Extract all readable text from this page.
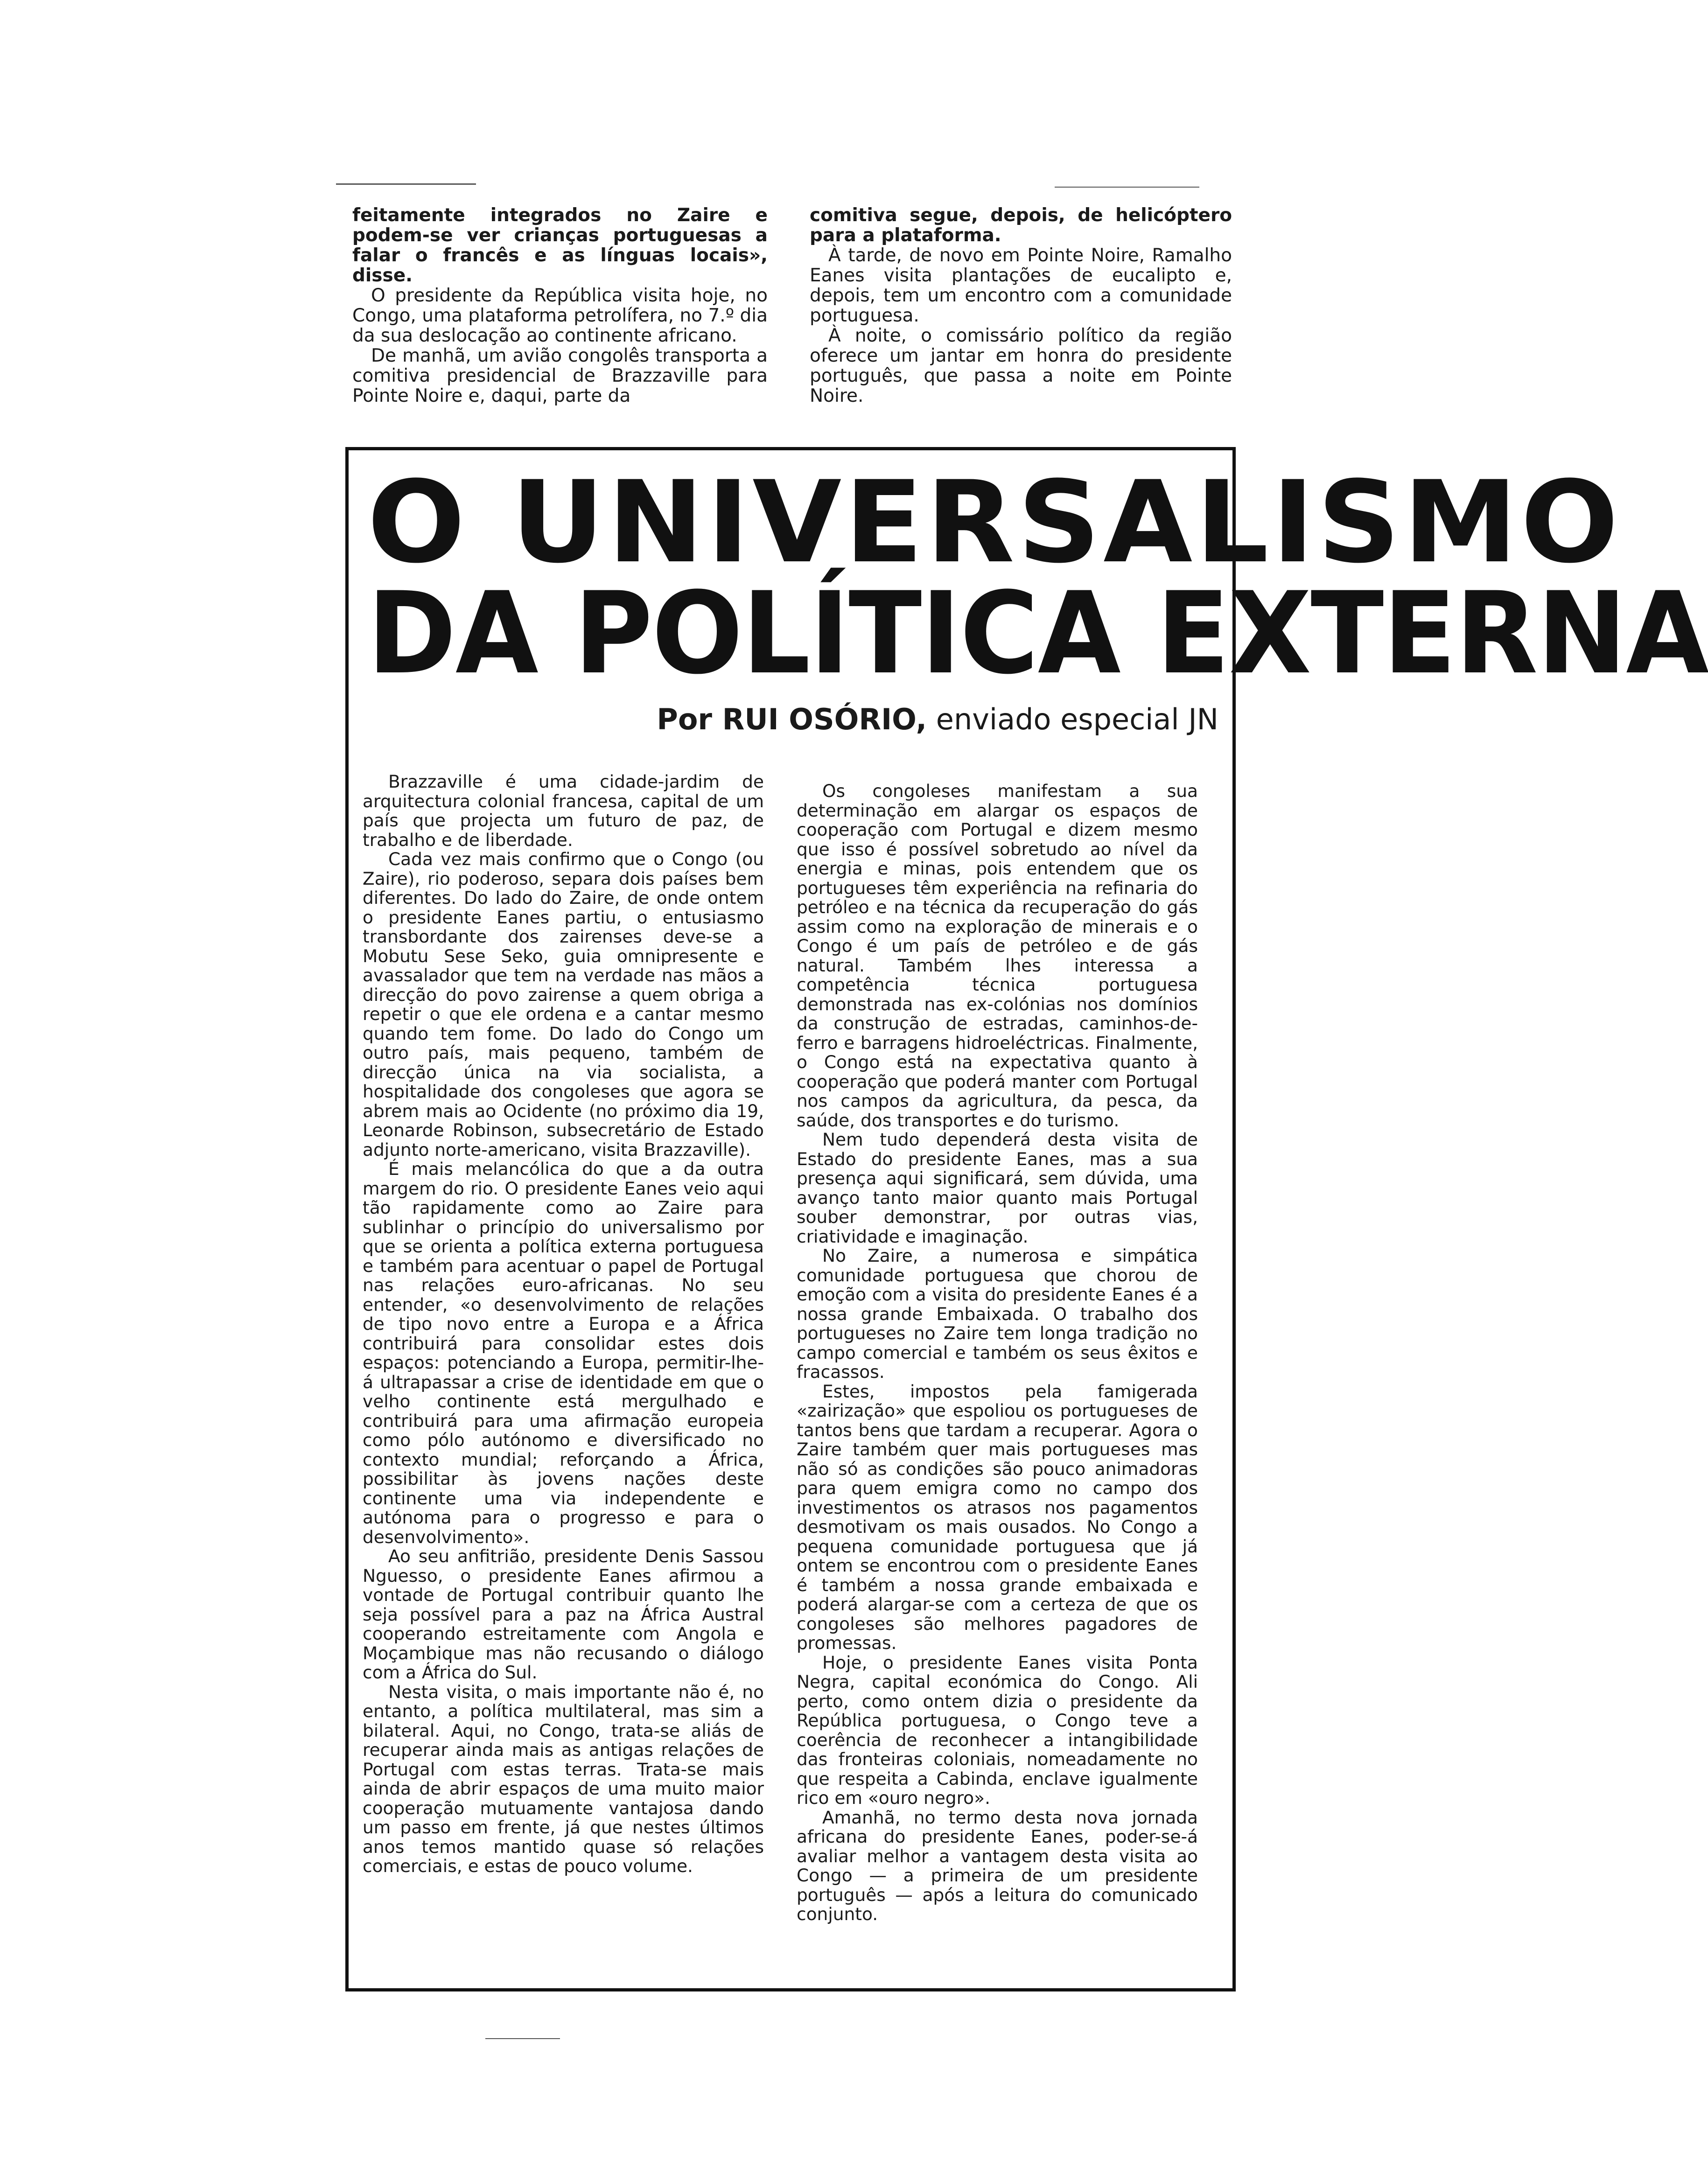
feitamente integrados no Zaire e podem-se ver crianças portuguesas a falar o francês e as línguas locais», disse.

O presidente da República visita hoje, no Congo, uma plataforma petrolífera, no 7.º dia da sua deslocação ao continente africano.

De manhã, um avião congolês transporta a comitiva presidencial de Brazzaville para Pointe Noire e, daqui, parte da

comitiva segue, depois, de helicóptero para a plataforma.

À tarde, de novo em Pointe Noire, Ramalho Eanes visita plantações de eucalipto e, depois, tem um encontro com a comunidade portuguesa.

À noite, o comissário político da região oferece um jantar em honra do presidente português, que passa a noite em Pointe Noire.

O UNIVERSALISMO
DA POLÍTICA EXTERNA
Por RUI OSÓRIO, enviado especial JN

Brazzaville é uma cidade-jardim de arquitectura colonial francesa, capital de um país que projecta um futuro de paz, de trabalho e de liberdade.

Cada vez mais confirmo que o Congo (ou Zaire), rio poderoso, separa dois países bem diferentes. Do lado do Zaire, de onde ontem o presidente Eanes partiu, o entusiasmo transbordante dos zairenses deve-se a Mobutu Sese Seko, guia omnipresente e avassalador que tem na verdade nas mãos a direcção do povo zairense a quem obriga a repetir o que ele ordena e a cantar mesmo quando tem fome. Do lado do Congo um outro país, mais pequeno, também de direcção única na via socialista, a hospitalidade dos congoleses que agora se abrem mais ao Ocidente (no próximo dia 19, Leonarde Robinson, subsecretário de Estado adjunto norte-americano, visita Brazzaville).

É mais melancólica do que a da outra margem do rio. O presidente Eanes veio aqui tão rapidamente como ao Zaire para sublinhar o princípio do universalismo por que se orienta a política externa portuguesa e também para acentuar o papel de Portugal nas relações euro-africanas. No seu entender, «o desenvolvimento de relações de tipo novo entre a Europa e a África contribuirá para consolidar estes dois espaços: potenciando a Europa, permitir-lhe-á ultrapassar a crise de identidade em que o velho continente está mergulhado e contribuirá para uma afirmação europeia como pólo autónomo e diversificado no contexto mundial; reforçando a África, possibilitar às jovens nações deste continente uma via independente e autónoma para o progresso e para o desenvolvimento».

Ao seu anfitrião, presidente Denis Sassou Nguesso, o presidente Eanes afirmou a vontade de Portugal contribuir quanto lhe seja possível para a paz na África Austral cooperando estreitamente com Angola e Moçambique mas não recusando o diálogo com a África do Sul.

Nesta visita, o mais importante não é, no entanto, a política multilateral, mas sim a bilateral. Aqui, no Congo, trata-se aliás de recuperar ainda mais as antigas relações de Portugal com estas terras. Trata-se mais ainda de abrir espaços de uma muito maior cooperação mutuamente vantajosa dando um passo em frente, já que nestes últimos anos temos mantido quase só relações comerciais, e estas de pouco volume.

Os congoleses manifestam a sua determinação em alargar os espaços de cooperação com Portugal e dizem mesmo que isso é possível sobretudo ao nível da energia e minas, pois entendem que os portugueses têm experiência na refinaria do petróleo e na técnica da recuperação do gás assim como na exploração de minerais e o Congo é um país de petróleo e de gás natural. Também lhes interessa a competência técnica portuguesa demonstrada nas ex-colónias nos domínios da construção de estradas, caminhos-de-ferro e barragens hidroeléctricas. Finalmente, o Congo está na expectativa quanto à cooperação que poderá manter com Portugal nos campos da agricultura, da pesca, da saúde, dos transportes e do turismo.

Nem tudo dependerá desta visita de Estado do presidente Eanes, mas a sua presença aqui significará, sem dúvida, uma avanço tanto maior quanto mais Portugal souber demonstrar, por outras vias, criatividade e imaginação.

No Zaire, a numerosa e simpática comunidade portuguesa que chorou de emoção com a visita do presidente Eanes é a nossa grande Embaixada. O trabalho dos portugueses no Zaire tem longa tradição no campo comercial e também os seus êxitos e fracassos.

Estes, impostos pela famigerada «zairização» que espoliou os portugueses de tantos bens que tardam a recuperar. Agora o Zaire também quer mais portugueses mas não só as condições são pouco animadoras para quem emigra como no campo dos investimentos os atrasos nos pagamentos desmotivam os mais ousados. No Congo a pequena comunidade portuguesa que já ontem se encontrou com o presidente Eanes é também a nossa grande embaixada e poderá alargar-se com a certeza de que os congoleses são melhores pagadores de promessas.

Hoje, o presidente Eanes visita Ponta Negra, capital económica do Congo. Ali perto, como ontem dizia o presidente da República portuguesa, o Congo teve a coerência de reconhecer a intangibilidade das fronteiras coloniais, nomeadamente no que respeita a Cabinda, enclave igualmente rico em «ouro negro».

Amanhã, no termo desta nova jornada africana do presidente Eanes, poder-se-á avaliar melhor a vantagem desta visita ao Congo — a primeira de um presidente português — após a leitura do comunicado conjunto.
